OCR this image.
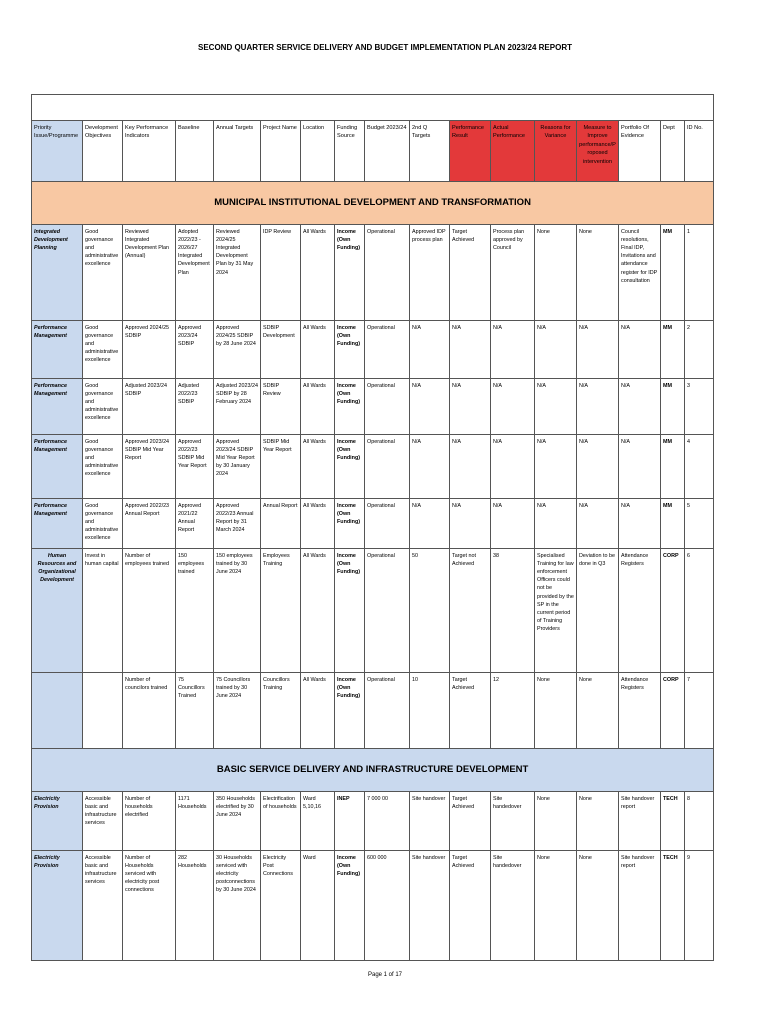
SECOND QUARTER SERVICE DELIVERY AND BUDGET IMPLEMENTATION PLAN 2023/24 REPORT

Priority Issue/Programme	Development Objectives	Key Performance Indicators	Baseline	Annual Targets	Project Name	Location	Funding Source	Budget 2023/24	2nd Q Targets	Performance Result	Actual Performance	Reasons for Variance	Measure to Improve performance/Proposed intervention	Portfolio Of Evidence	Dept	ID No.
MUNICIPAL INSTITUTIONAL DEVELOPMENT AND TRANSFORMATION																
Integrated Development Planning	Good governance and administrative excellence	Reviewed Integrated Development Plan (Annual)	Adopted 2022/23 - 2026/27 Integrated Development Plan	Reviewed 2024/25 Integrated Development Plan by 31 May 2024	IDP Review	All Wards	Income (Own Funding)	Operational	Approved IDP process plan	Target Achieved	Process plan approved by Council	None	None	Council resolutions, Final IDP, Invitations and attendance register for IDP consultation	MM	1
Performance Management	Good governance and administrative excellence	Approved 2024/25 SDBIP	Approved 2023/24 SDBIP	Approved 2024/25 SDBIP by 28 June 2024	SDBIP Development	All Wards	Income (Own Funding)	Operational	N/A	N/A	N/A	N/A	N/A	N/A	MM	2
Performance Management	Good governance and administrative excellence	Adjusted 2023/24 SDBIP	Adjusted 2022/23 SDBIP	Adjusted 2023/24 SDBIP by 28 February 2024	SDBIP Review	All Wards	Income (Own Funding)	Operational	N/A	N/A	N/A	N/A	N/A	N/A	MM	3
Performance Management	Good governance and administrative excellence	Approved 2023/24 SDBIP Mid Year Report	Approved 2022/23 SDBIP Mid Year Report	Approved 2023/24 SDBIP Mid Year Report by 30 January 2024	SDBIP Mid Year Report	All Wards	Income (Own Funding)	Operational	N/A	N/A	N/A	N/A	N/A	N/A	MM	4
Performance Management	Good governance and administrative excellence	Approved 2022/23 Annual Report	Approved 2021/22 Annual Report	Approved 2022/23 Annual Report by 31 March 2024	Annual Report	All Wards	Income (Own Funding)	Operational	N/A	N/A	N/A	N/A	N/A	N/A	MM	5
Human Resources and Organizational Development	Invest in human capital	Number of employees trained	150 employees trained	150 employees trained by 30 June 2024	Employees Training	All Wards	Income (Own Funding)	Operational	50	Target not Achieved	38	Specialised Training for law enforcement Officers could not be provided by the SP in the current period of Training Providers	Deviation to be done in Q3	Attendance Registers	CORP	6
		Number of councilors trained	75 Councillors Trained	75 Councillors trained by 30 June 2024	Councillors Training	All Wards	Income (Own Funding)	Operational	10	Target Achieved	12	None	None	Attendance Registers	CORP	7
BASIC SERVICE DELIVERY AND INFRASTRUCTURE DEVELOPMENT																
Electricity Provision	Accessible basic and infrastructure services	Number of households electrified	1171 Households	350 Households electrified by 30 June 2024	Electrification of households	Ward 5,10,16	INEP	7 000 00	Site handover	Target Achieved	Site handedover	None	None	Site handover report	TECH	8
Electricity Provision	Accessible basic and infrastructure services	Number of Households serviced with electricity post connections	282 Households	30 Households serviced with electricity postconnections by 30 June 2024	Electricity Post Connections	Ward	Income (Own Funding)	600 000	Site handover	Target Achieved	Site handedover	None	None	Site handover report	TECH	9
Page 1 of 17
